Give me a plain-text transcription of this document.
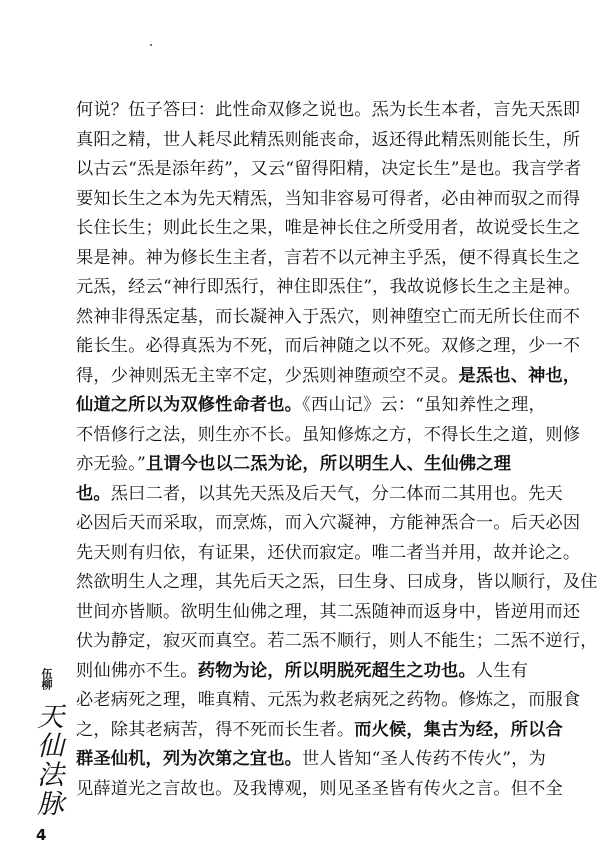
何说？伍子答曰：此性命双修之说也。炁为长生本者，言先天炁即
真阳之精，世人耗尽此精炁则能丧命，返还得此精炁则能长生，所
以古云“炁是添年药”，又云“留得阳精，决定长生”是也。我言学者
要知长生之本为先天精炁，当知非容易可得者，必由神而驭之而得
长住长生；则此长生之果，唯是神长住之所受用者，故说受长生之
果是神。神为修长生主者，言若不以元神主乎炁，便不得真长生之
元炁，经云“神行即炁行，神住即炁住”，我故说修长生之主是神。
然神非得炁定基，而长凝神入于炁穴，则神堕空亡而无所长住而不
能长生。必得真炁为不死，而后神随之以不死。双修之理，少一不
得，少神则炁无主宰不定，少炁则神堕顽空不灵。是炁也、神也，
仙道之所以为双修性命者也。《西山记》云：“虽知养性之理，
不悟修行之法，则生亦不长。虽知修炼之方，不得长生之道，则修
亦无验。”且谓今也以二炁为论，所以明生人、生仙佛之理
也。炁曰二者，以其先天炁及后天气，分二体而二其用也。先天
必因后天而采取，而烹炼，而入穴凝神，方能神炁合一。后天必因
先天则有归依，有证果，还伏而寂定。唯二者当并用，故并论之。
然欲明生人之理，其先后天之炁，曰生身、曰成身，皆以顺行，及住
世间亦皆顺。欲明生仙佛之理，其二炁随神而返身中，皆逆用而还
伏为静定，寂灭而真空。若二炁不顺行，则人不能生；二炁不逆行，
则仙佛亦不生。药物为论，所以明脱死超生之功也。人生有
必老病死之理，唯真精、元炁为救老病死之药物。修炼之，而服食
之，除其老病苦，得不死而长生者。而火候，集古为经，所以合
群圣仙机，列为次第之宜也。世人皆知“圣人传药不传火”，为
见薛道光之言故也。及我博观，则见圣圣皆有传火之言。但不全
伍柳
天仙法脉
4
